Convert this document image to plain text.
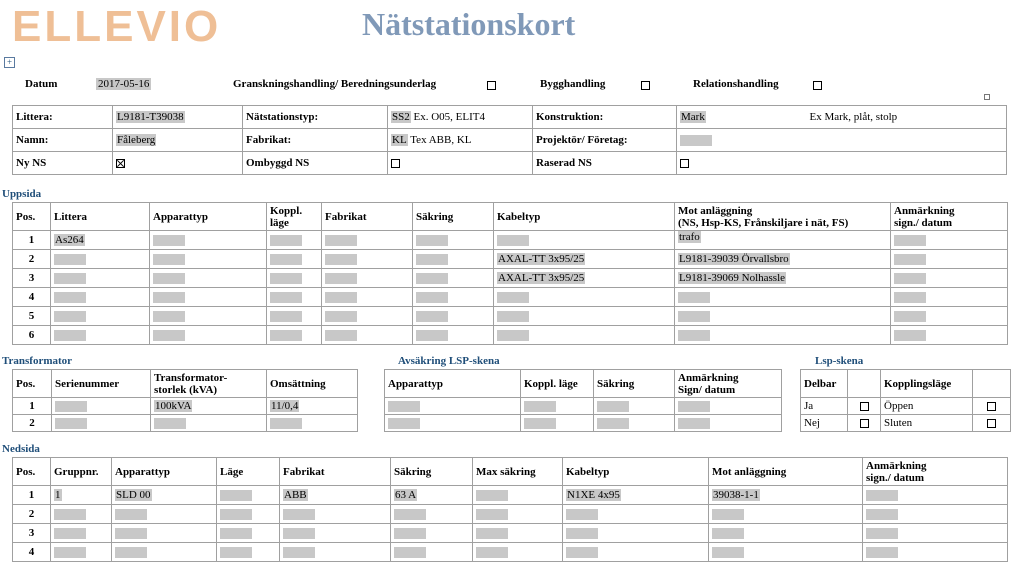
ELLEVIO	Nätstationskort
+
Datum	2017-05-16	Granskningshandling/ Beredningsunderlag	Bygghandling	Relationshandling
Littera:	L9181-T39038	Nätstationstyp:	SS2 Ex. O05, ELIT4	Konstruktion:	Mark	Ex Mark, plåt, stolp
Namn:	Fåleberg	Fabrikat:	KL Tex ABB, KL	Projektör/ Företag:		
Ny NS		Ombyggd NS		Raserad NS		
Uppsida
Pos.	Littera	Apparattyp	Koppl.
läge	Fabrikat	Säkring	Kabeltyp	Mot anläggning
(NS, Hsp-KS, Frånskiljare i nät, FS)	Anmärkning
sign./ datum
1	As264						trafo	
2						AXAL-TT 3x95/25	L9181-39039 Örvallsbro	
3						AXAL-TT 3x95/25	L9181-39069 Nolhassle	
4								
5								
6								
Transformator
Pos.	Serienummer	Transformator-
storlek (kVA)	Omsättning
1		100kVA	11/0,4
2			
Avsäkring LSP-skena
Apparattyp	Koppl. läge	Säkring	Anmärkning
Sign/ datum

Lsp-skena
Delbar		Kopplingsläge	
Ja		Öppen	
Nej		Sluten	
Nedsida
Pos.	Gruppnr.	Apparattyp	Läge	Fabrikat	Säkring	Max säkring	Kabeltyp	Mot anläggning	Anmärkning
sign./ datum
1	1	SLD 00		ABB	63 A		N1XE 4x95	39038-1-1	
2									
3									
4									
